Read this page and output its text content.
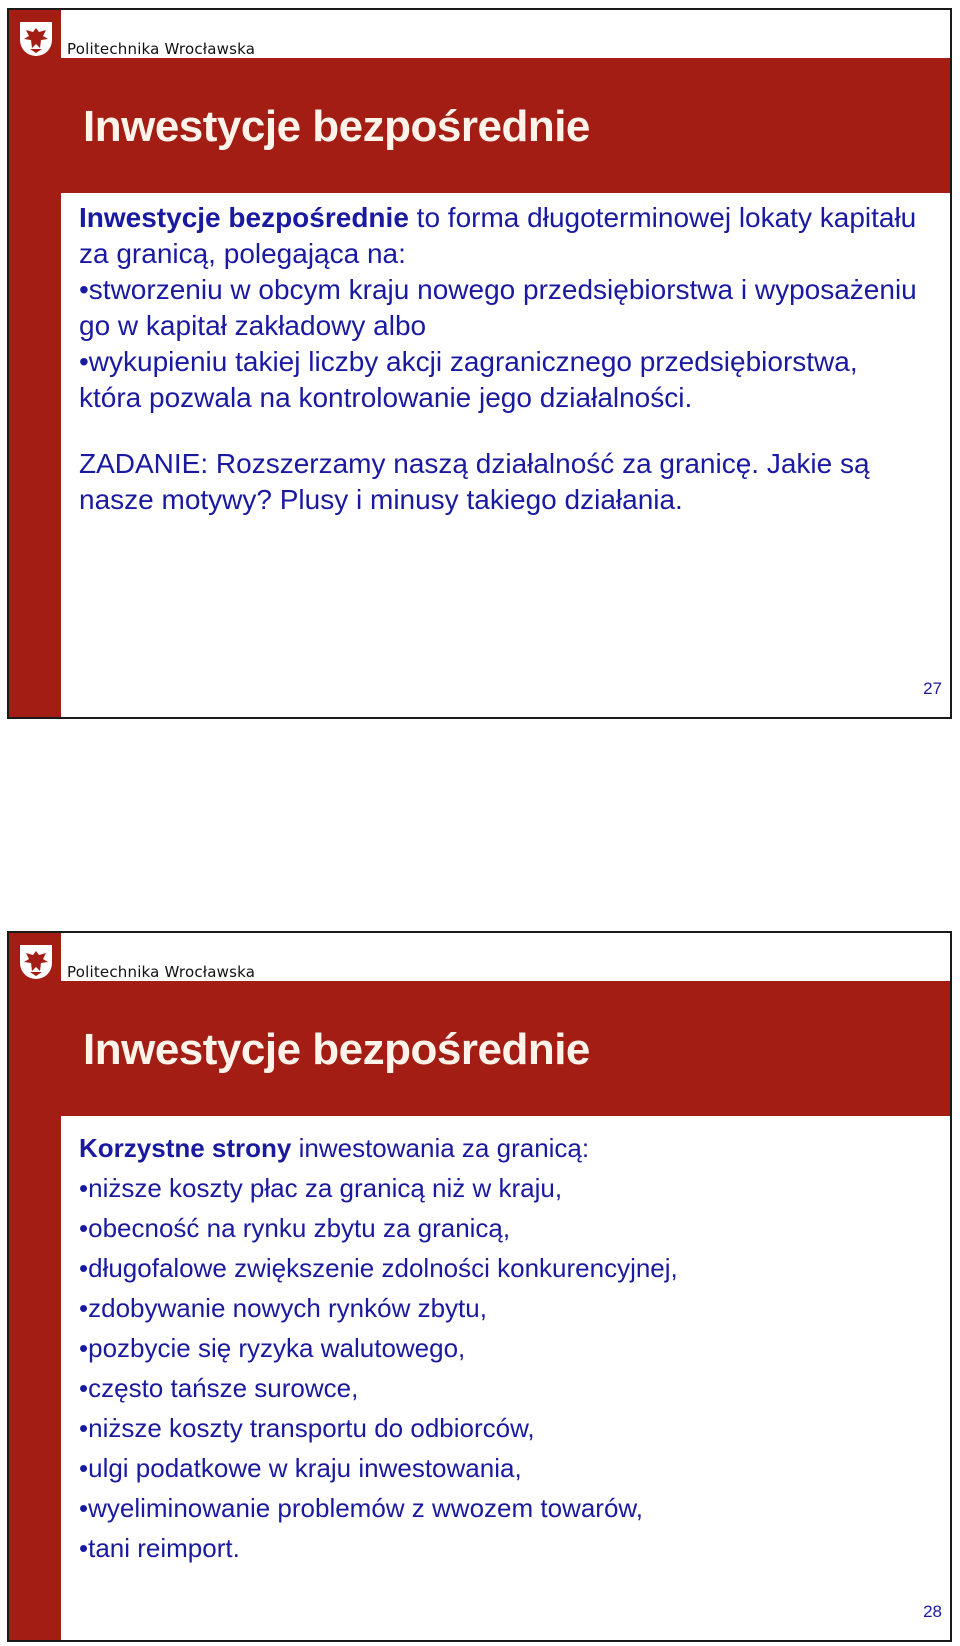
Politechnika Wrocławska
Inwestycje bezpośrednie

Inwestycje bezpośrednie to forma długoterminowej lokaty kapitału za granicą, polegająca na:

•stworzeniu w obcym kraju nowego przedsiębiorstwa i wyposażeniu go w kapitał zakładowy albo

•wykupieniu takiej liczby akcji zagranicznego przedsiębiorstwa, która pozwala na kontrolowanie jego działalności.

ZADANIE: Rozszerzamy naszą działalność za granicę. Jakie są nasze motywy? Plusy i minusy takiego działania.

27
Politechnika Wrocławska
Inwestycje bezpośrednie

Korzystne strony inwestowania za granicą:

•niższe koszty płac za granicą niż w kraju,

•obecność na rynku zbytu za granicą,

•długofalowe zwiększenie zdolności konkurencyjnej,

•zdobywanie nowych rynków zbytu,

•pozbycie się ryzyka walutowego,

•często tańsze surowce,

•niższe koszty transportu do odbiorców,

•ulgi podatkowe w kraju inwestowania,

•wyeliminowanie problemów z wwozem towarów,

•tani reimport.

28
